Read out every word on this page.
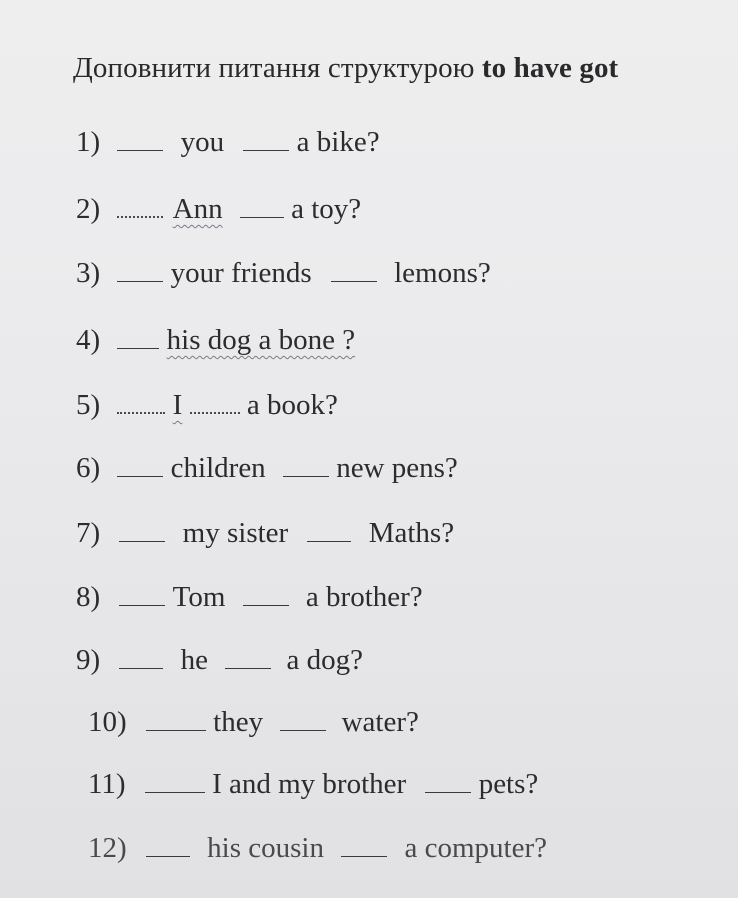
Доповнити питання структурою to have got
1)	you	a bike?
2)	Ann a toy?
3) your friends	lemons?
4) his dog a bone ?
5)	I a book?
6) children new pens?
7)	my sister	Maths?
8)	Tom	a brother?
9)	he	a dog?
10)	they	water?
11)	I and my brother	pets?
12)	his cousin	a computer?
